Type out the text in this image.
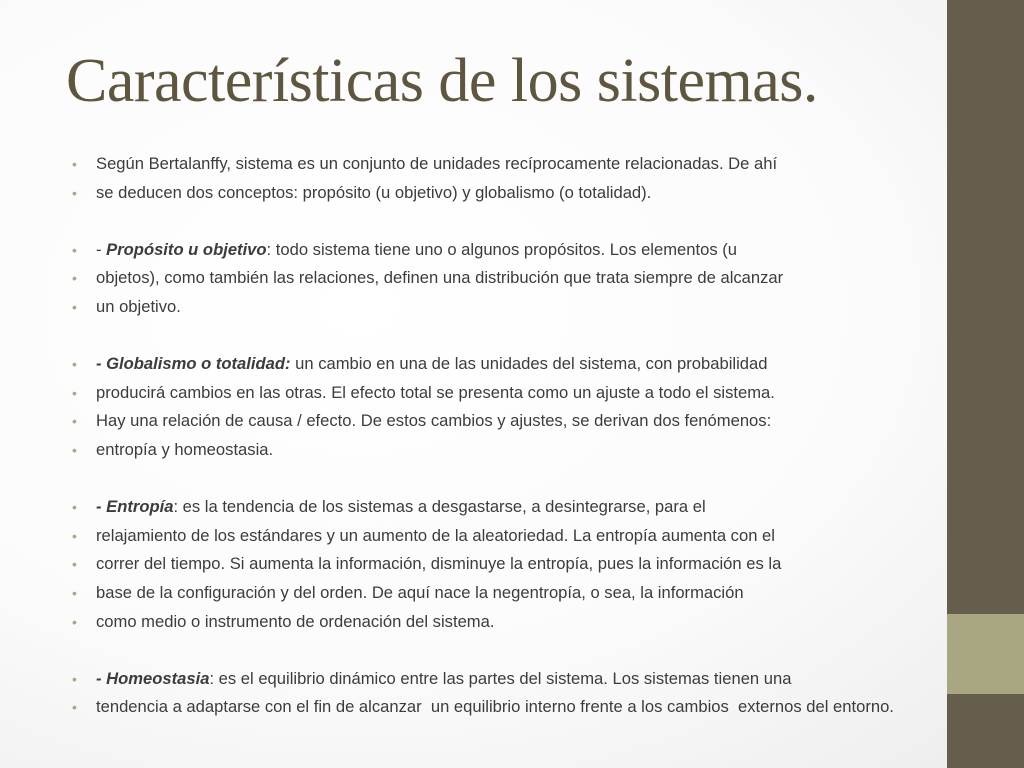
Características de los sistemas.
• Según Bertalanffy, sistema es un conjunto de unidades recíprocamente relacionadas. De ahí
• se deducen dos conceptos: propósito (u objetivo) y globalismo (o totalidad).
• - Propósito u objetivo: todo sistema tiene uno o algunos propósitos. Los elementos (u
• objetos), como también las relaciones, definen una distribución que trata siempre de alcanzar
• un objetivo.
• - Globalismo o totalidad: un cambio en una de las unidades del sistema, con probabilidad
• producirá cambios en las otras. El efecto total se presenta como un ajuste a todo el sistema.
• Hay una relación de causa / efecto. De estos cambios y ajustes, se derivan dos fenómenos:
• entropía y homeostasia.
• - Entropía: es la tendencia de los sistemas a desgastarse, a desintegrarse, para el
• relajamiento de los estándares y un aumento de la aleatoriedad. La entropía aumenta con el
• correr del tiempo. Si aumenta la información, disminuye la entropía, pues la información es la
• base de la configuración y del orden. De aquí nace la negentropía, o sea, la información
• como medio o instrumento de ordenación del sistema.
• - Homeostasia: es el equilibrio dinámico entre las partes del sistema. Los sistemas tienen una
• tendencia a adaptarse con el fin de alcanzar  un equilibrio interno frente a los cambios  externos del entorno.
